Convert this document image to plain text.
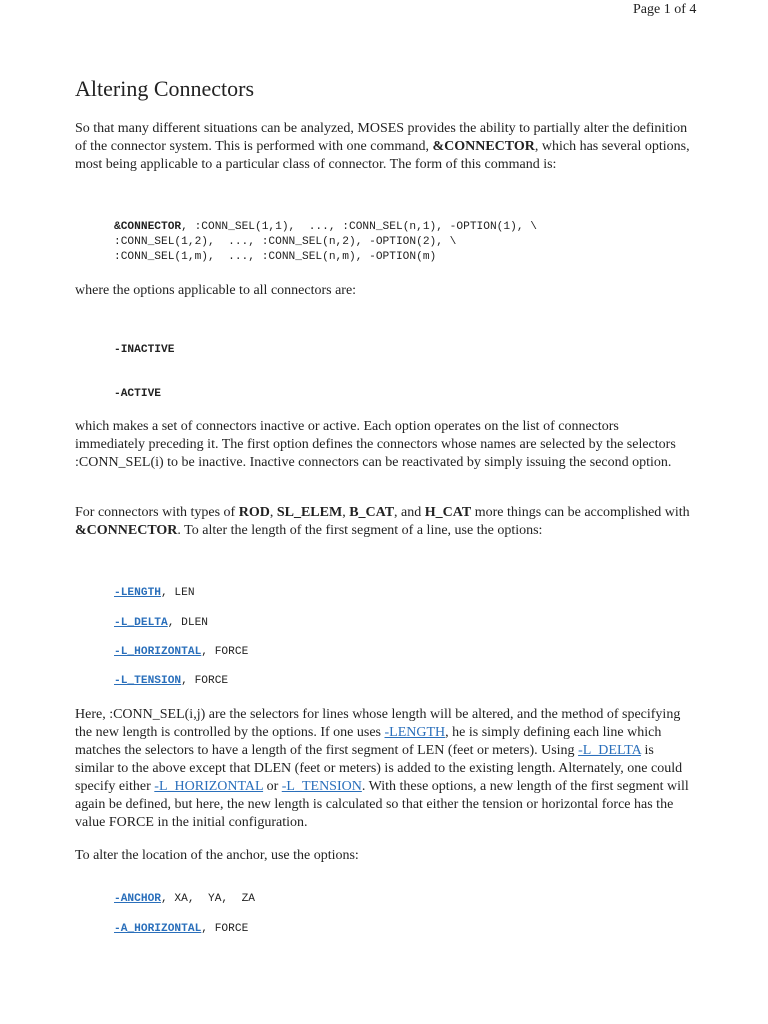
Page 1 of 4
Altering Connectors

So that many different situations can be analyzed, MOSES provides the ability to partially alter the definition of the connector system. This is performed with one command, &CONNECTOR, which has several options, most being applicable to a particular class of connector. The form of this command is:

&CONNECTOR, :CONN_SEL(1,1),  ..., :CONN_SEL(n,1), -OPTION(1), \
:CONN_SEL(1,2),  ..., :CONN_SEL(n,2), -OPTION(2), \
:CONN_SEL(1,m),  ..., :CONN_SEL(n,m), -OPTION(m)

where the options applicable to all connectors are:

-INACTIVE
-ACTIVE

which makes a set of connectors inactive or active. Each option operates on the list of connectors immediately preceding it. The first option defines the connectors whose names are selected by the selectors :CONN_SEL(i) to be inactive. Inactive connectors can be reactivated by simply issuing the second option.

For connectors with types of ROD, SL_ELEM, B_CAT, and H_CAT more things can be accomplished with &CONNECTOR. To alter the length of the first segment of a line, use the options:

-LENGTH, LEN
-L_DELTA, DLEN
-L_HORIZONTAL, FORCE
-L_TENSION, FORCE

Here, :CONN_SEL(i,j) are the selectors for lines whose length will be altered, and the method of specifying the new length is controlled by the options. If one uses -LENGTH, he is simply defining each line which matches the selectors to have a length of the first segment of LEN (feet or meters). Using -L_DELTA is similar to the above except that DLEN (feet or meters) is added to the existing length. Alternately, one could specify either -L_HORIZONTAL or -L_TENSION. With these options, a new length of the first segment will again be defined, but here, the new length is calculated so that either the tension or horizontal force has the value FORCE in the initial configuration.

To alter the location of the anchor, use the options:

-ANCHOR, XA,  YA,  ZA
-A_HORIZONTAL, FORCE
